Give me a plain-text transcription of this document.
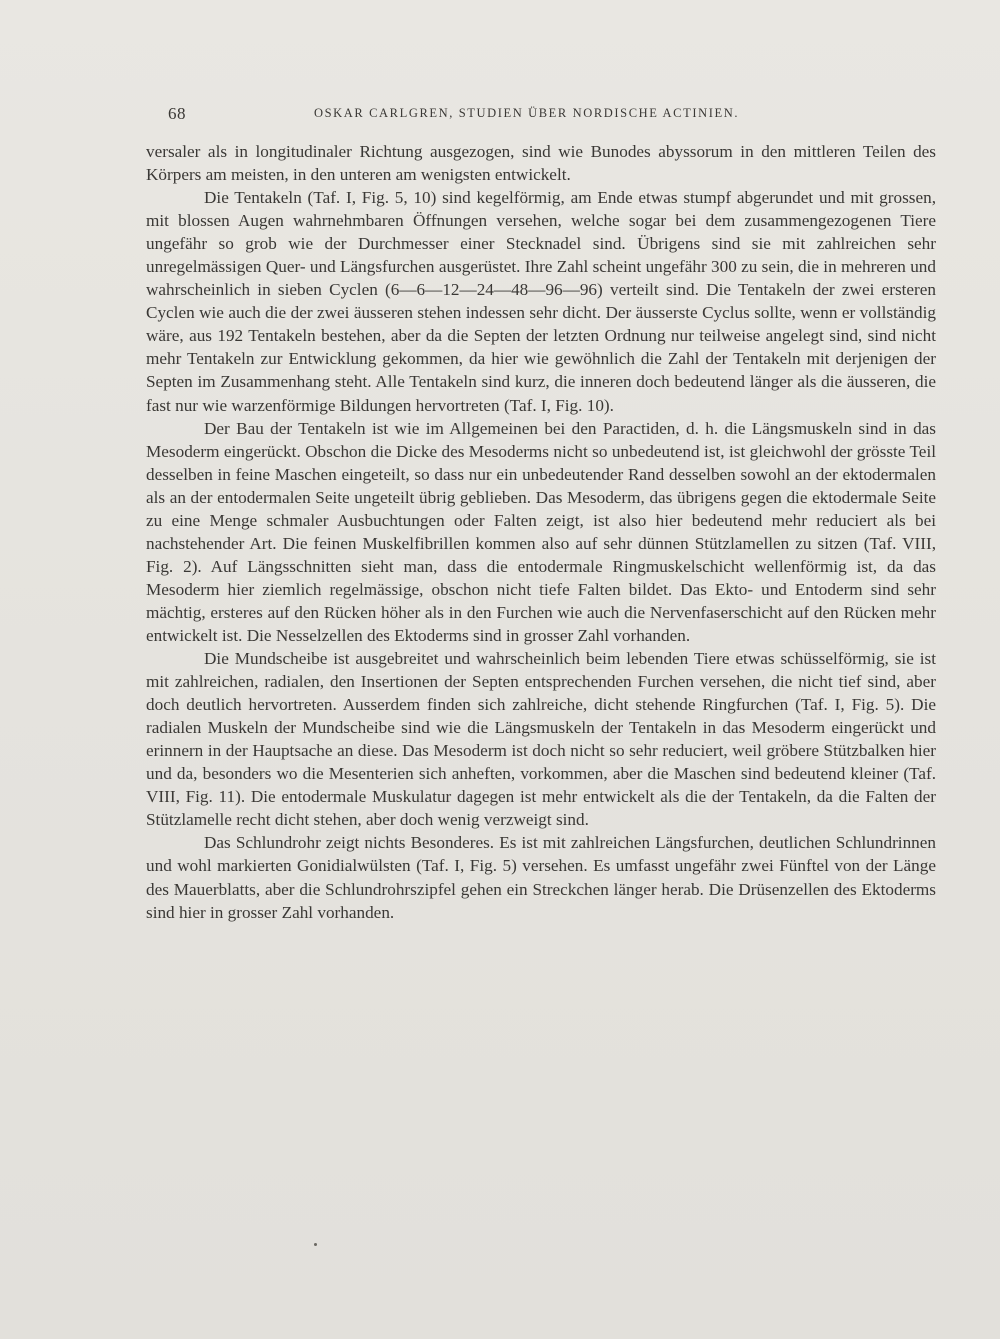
68	OSKAR CARLGREN, STUDIEN ÜBER NORDISCHE ACTINIEN.

versaler als in longitudinaler Richtung ausgezogen, sind wie Bunodes abyssorum in den mittleren Teilen des Körpers am meisten, in den unteren am wenigsten entwickelt.

Die Tentakeln (Taf. I, Fig. 5, 10) sind kegelförmig, am Ende etwas stumpf abgerundet und mit grossen, mit blossen Augen wahrnehmbaren Öffnungen versehen, welche sogar bei dem zusammengezogenen Tiere ungefähr so grob wie der Durchmesser einer Stecknadel sind. Übrigens sind sie mit zahlreichen sehr unregelmässigen Quer- und Längsfurchen ausgerüstet. Ihre Zahl scheint ungefähr 300 zu sein, die in mehreren und wahrscheinlich in sieben Cyclen (6—6—12—24—48—96—96) verteilt sind. Die Tentakeln der zwei ersteren Cyclen wie auch die der zwei äusseren stehen indessen sehr dicht. Der äusserste Cyclus sollte, wenn er vollständig wäre, aus 192 Tentakeln bestehen, aber da die Septen der letzten Ordnung nur teilweise angelegt sind, sind nicht mehr Tentakeln zur Entwicklung gekommen, da hier wie gewöhnlich die Zahl der Tentakeln mit derjenigen der Septen im Zusammenhang steht. Alle Tentakeln sind kurz, die inneren doch bedeutend länger als die äusseren, die fast nur wie warzenförmige Bildungen hervortreten (Taf. I, Fig. 10).

Der Bau der Tentakeln ist wie im Allgemeinen bei den Paractiden, d. h. die Längsmuskeln sind in das Mesoderm eingerückt. Obschon die Dicke des Mesoderms nicht so unbedeutend ist, ist gleichwohl der grösste Teil desselben in feine Maschen eingeteilt, so dass nur ein unbedeutender Rand desselben sowohl an der ektodermalen als an der entodermalen Seite ungeteilt übrig geblieben. Das Mesoderm, das übrigens gegen die ektodermale Seite zu eine Menge schmaler Ausbuchtungen oder Falten zeigt, ist also hier bedeutend mehr reduciert als bei nachstehender Art. Die feinen Muskelfibrillen kommen also auf sehr dünnen Stützlamellen zu sitzen (Taf. VIII, Fig. 2). Auf Längsschnitten sieht man, dass die entodermale Ringmuskelschicht wellenförmig ist, da das Mesoderm hier ziemlich regelmässige, obschon nicht tiefe Falten bildet. Das Ekto- und Entoderm sind sehr mächtig, ersteres auf den Rücken höher als in den Furchen wie auch die Nervenfaserschicht auf den Rücken mehr entwickelt ist. Die Nesselzellen des Ektoderms sind in grosser Zahl vorhanden.

Die Mundscheibe ist ausgebreitet und wahrscheinlich beim lebenden Tiere etwas schüsselförmig, sie ist mit zahlreichen, radialen, den Insertionen der Septen entsprechenden Furchen versehen, die nicht tief sind, aber doch deutlich hervortreten. Ausserdem finden sich zahlreiche, dicht stehende Ringfurchen (Taf. I, Fig. 5). Die radialen Muskeln der Mundscheibe sind wie die Längsmuskeln der Tentakeln in das Mesoderm eingerückt und erinnern in der Hauptsache an diese. Das Mesoderm ist doch nicht so sehr reduciert, weil gröbere Stützbalken hier und da, besonders wo die Mesenterien sich anheften, vorkommen, aber die Maschen sind bedeutend kleiner (Taf. VIII, Fig. 11). Die entodermale Muskulatur dagegen ist mehr entwickelt als die der Tentakeln, da die Falten der Stützlamelle recht dicht stehen, aber doch wenig verzweigt sind.

Das Schlundrohr zeigt nichts Besonderes. Es ist mit zahlreichen Längsfurchen, deutlichen Schlundrinnen und wohl markierten Gonidialwülsten (Taf. I, Fig. 5) versehen. Es umfasst ungefähr zwei Fünftel von der Länge des Mauerblatts, aber die Schlundrohrszipfel gehen ein Streckchen länger herab. Die Drüsenzellen des Ektoderms sind hier in grosser Zahl vorhanden.
